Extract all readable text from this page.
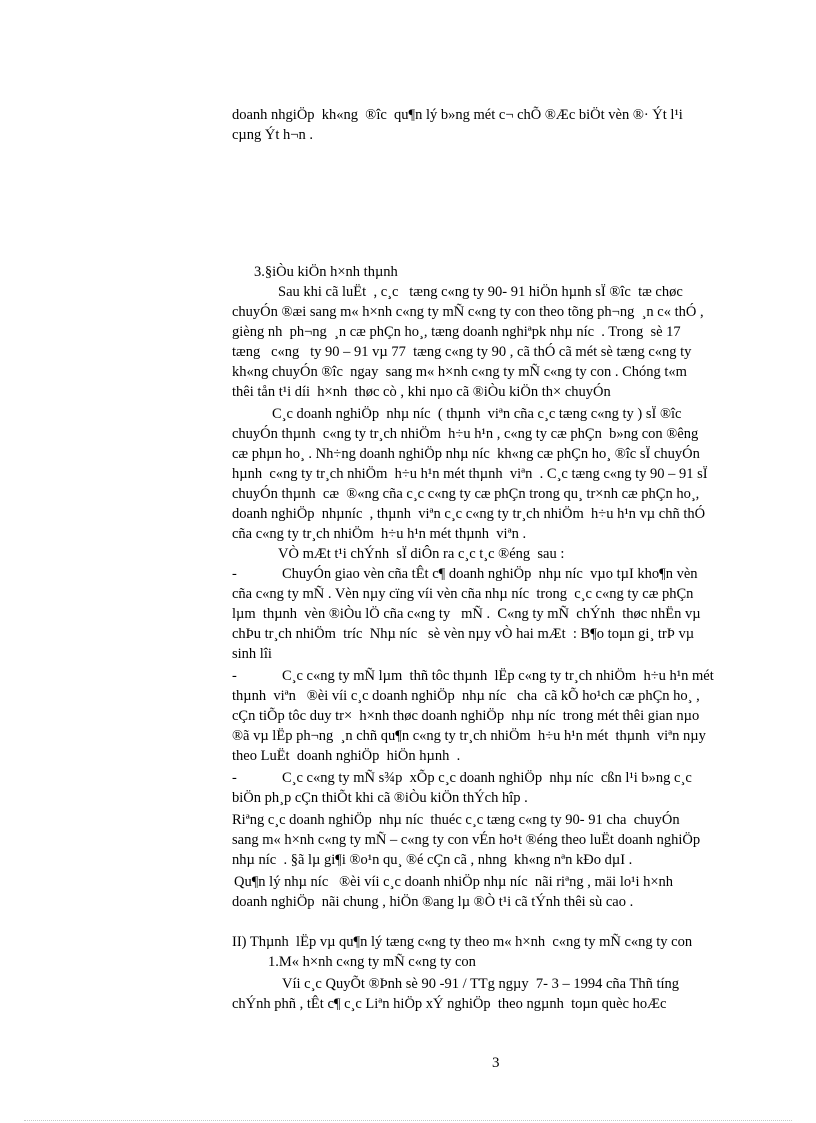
doanh nhgiÖp  kh«ng  ®îc  qu¶n lý b»ng mét c¬ chÕ ®Æc biÖt vèn ®· Ýt l¹i
cµng Ýt h¬n .
3.§iÒu kiÖn h×nh thµnh
Sau khi cã luËt  , c¸c   tæng c«ng ty 90- 91 hiÖn hµnh sÏ ®îc  tæ chøc
chuyÓn ®æi sang m« h×nh c«ng ty mÑ c«ng ty con theo tõng ph¬ng  ¸n c« thÓ ,
gièng nh  ph¬ng  ¸n cæ phÇn ho¸, tæng doanh nghiªpk nhµ níc  . Trong  sè 17
tæng   c«ng   ty 90 – 91 vµ 77  tæng c«ng ty 90 , cã thÓ cã mét sè tæng c«ng ty
kh«ng chuyÓn ®îc  ngay  sang m« h×nh c«ng ty mÑ c«ng ty con . Chóng t«m
thêi tån t¹i díi  h×nh  thøc cò , khi nµo cã ®iÒu kiÖn th× chuyÓn
C¸c doanh nghiÖp  nhµ níc  ( thµnh  viªn cña c¸c tæng c«ng ty ) sÏ ®îc
chuyÓn thµnh  c«ng ty tr¸ch nhiÖm  h÷u h¹n , c«ng ty cæ phÇn  b»ng con ®êng
cæ phµn ho¸ . Nh÷ng doanh nghiÖp nhµ níc  kh«ng cæ phÇn ho¸ ®îc sÏ chuyÓn
hµnh  c«ng ty tr¸ch nhiÖm  h÷u h¹n mét thµnh  viªn  . C¸c tæng c«ng ty 90 – 91 sÏ
chuyÓn thµnh  cæ  ®«ng cña c¸c c«ng ty cæ phÇn trong qu¸ tr×nh cæ phÇn ho¸,
doanh nghiÖp  nhµníc  , thµnh  viªn c¸c c«ng ty tr¸ch nhiÖm  h÷u h¹n vµ chñ thÓ
cña c«ng ty tr¸ch nhiÖm  h÷u h¹n mét thµnh  viªn .
VÒ mÆt t¹i chÝnh  sÏ diÔn ra c¸c t¸c ®éng  sau :
-	ChuyÓn giao vèn cña tÊt c¶ doanh nghiÖp  nhµ níc  vµo tµI kho¶n vèn
cña c«ng ty mÑ . Vèn nµy cïng víi vèn cña nhµ níc  trong  c¸c c«ng ty cæ phÇn
lµm  thµnh  vèn ®iÒu lÖ cña c«ng ty   mÑ .  C«ng ty mÑ  chÝnh  thøc nhËn vµ
chÞu tr¸ch nhiÖm  tríc  Nhµ níc   sè vèn nµy vÒ hai mÆt  : B¶o toµn gi¸ trÞ vµ
sinh lîi
-	C¸c c«ng ty mÑ lµm  thñ tôc thµnh  lËp c«ng ty tr¸ch nhiÖm  h÷u h¹n mét
thµnh  viªn   ®èi víi c¸c doanh nghiÖp  nhµ níc   cha  cã kÕ ho¹ch cæ phÇn ho¸ ,
cÇn tiÕp tôc duy tr×  h×nh thøc doanh nghiÖp  nhµ níc  trong mét thêi gian nµo
®ã vµ lËp ph¬ng  ¸n chñ qu¶n c«ng ty tr¸ch nhiÖm  h÷u h¹n mét  thµnh  viªn nµy
theo LuËt  doanh nghiÖp  hiÖn hµnh  .
-	C¸c c«ng ty mÑ s¾p  xÕp c¸c doanh nghiÖp  nhµ níc  cßn l¹i b»ng c¸c
biÖn ph¸p cÇn thiÕt khi cã ®iÒu kiÖn thÝch hîp .
Riªng c¸c doanh nghiÖp  nhµ níc  thuéc c¸c tæng c«ng ty 90- 91 cha  chuyÓn
sang m« h×nh c«ng ty mÑ – c«ng ty con vÉn ho¹t ®éng theo luËt doanh nghiÖp
nhµ níc  . §ã lµ gi¶i ®o¹n qu¸ ®é cÇn cã , nhng  kh«ng nªn kÐo dµI .
Qu¶n lý nhµ níc   ®èi víi c¸c doanh nhiÖp nhµ níc  nãi riªng , mäi lo¹i h×nh
doanh nghiÖp  nãi chung , hiÖn ®ang lµ ®Ò t¹i cã tÝnh thêi sù cao .
II) Thµnh  lËp vµ qu¶n lý tæng c«ng ty theo m« h×nh  c«ng ty mÑ c«ng ty con
1.M« h×nh c«ng ty mÑ c«ng ty con
Víi c¸c QuyÕt ®Þnh sè 90 -91 / TTg ngµy  7- 3 – 1994 cña Thñ tíng
chÝnh phñ , tÊt c¶ c¸c Liªn hiÖp xÝ nghiÖp  theo ngµnh  toµn quèc hoÆc
3
